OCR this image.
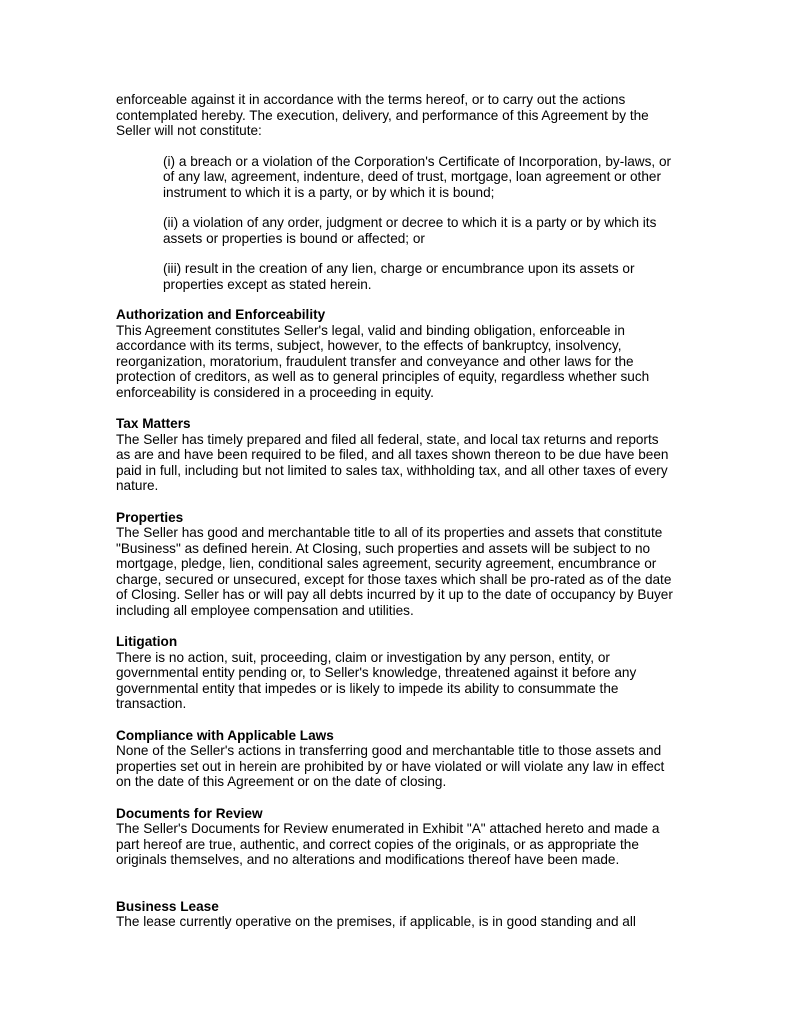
enforceable against it in accordance with the terms hereof, or to carry out the actions contemplated hereby. The execution, delivery, and performance of this Agreement by the Seller will not constitute:

(i) a breach or a violation of the Corporation's Certificate of Incorporation, by-laws, or of any law, agreement, indenture, deed of trust, mortgage, loan agreement or other instrument to which it is a party, or by which it is bound;

(ii) a violation of any order, judgment or decree to which it is a party or by which its assets or properties is bound or affected; or

(iii) result in the creation of any lien, charge or encumbrance upon its assets or properties except as stated herein.

Authorization and Enforceability

This Agreement constitutes Seller's legal, valid and binding obligation, enforceable in accordance with its terms, subject, however, to the effects of bankruptcy, insolvency, reorganization, moratorium, fraudulent transfer and conveyance and other laws for the protection of creditors, as well as to general principles of equity, regardless whether such enforceability is considered in a proceeding in equity.

Tax Matters

The Seller has timely prepared and filed all federal, state, and local tax returns and reports as are and have been required to be filed, and all taxes shown thereon to be due have been paid in full, including but not limited to sales tax, withholding tax, and all other taxes of every nature.

Properties

The Seller has good and merchantable title to all of its properties and assets that constitute "Business" as defined herein. At Closing, such properties and assets will be subject to no mortgage, pledge, lien, conditional sales agreement, security agreement, encumbrance or charge, secured or unsecured, except for those taxes which shall be pro-rated as of the date of Closing. Seller has or will pay all debts incurred by it up to the date of occupancy by Buyer including all employee compensation and utilities.

Litigation

There is no action, suit, proceeding, claim or investigation by any person, entity, or governmental entity pending or, to Seller's knowledge, threatened against it before any governmental entity that impedes or is likely to impede its ability to consummate the transaction.

Compliance with Applicable Laws

None of the Seller's actions in transferring good and merchantable title to those assets and properties set out in herein are prohibited by or have violated or will violate any law in effect on the date of this Agreement or on the date of closing.

Documents for Review

The Seller's Documents for Review enumerated in Exhibit "A" attached hereto and made a part hereof are true, authentic, and correct copies of the originals, or as appropriate the originals themselves, and no alterations and modifications thereof have been made.

Business Lease

The lease currently operative on the premises, if applicable, is in good standing and all
